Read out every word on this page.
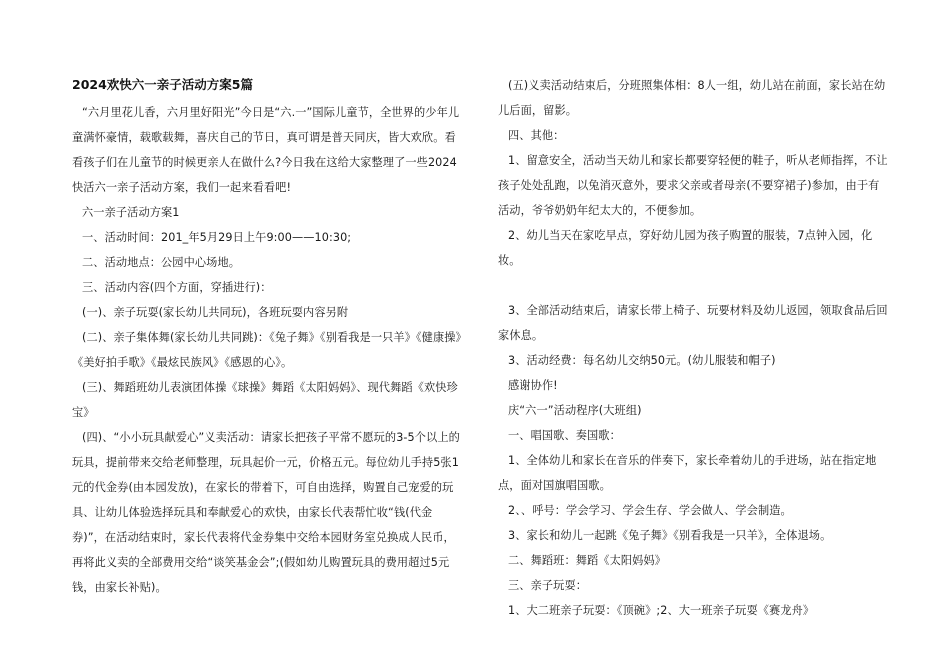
2024欢快六一亲子活动方案5篇

“六月里花儿香，六月里好阳光”今日是“六.一”国际儿童节，全世界的少年儿童满怀豪情，载歌载舞，喜庆自己的节日，真可谓是普天同庆，皆大欢欣。看看孩子们在儿童节的时候更亲人在做什么?今日我在这给大家整理了一些2024快活六一亲子活动方案，我们一起来看看吧!

六一亲子活动方案1

一、活动时间：201_年5月29日上午9:00——10:30;

二、活动地点：公园中心场地。

三、活动内容(四个方面，穿插进行)：

(一)、亲子玩耍(家长幼儿共同玩)，各班玩耍内容另附

(二)、亲子集体舞(家长幼儿共同跳)：《兔子舞》《别看我是一只羊》《健康操》《美好拍手歌》《最炫民族风》《感恩的心》。

(三)、舞蹈班幼儿表演团体操《球操》舞蹈《太阳妈妈》、现代舞蹈《欢快珍宝》

(四)、“小小玩具献爱心”义卖活动：请家长把孩子平常不愿玩的3-5个以上的玩具，提前带来交给老师整理，玩具起价一元，价格五元。每位幼儿手持5张1元的代金券(由本园发放)，在家长的带着下，可自由选择，购置自己宠爱的玩具、让幼儿体验选择玩具和奉献爱心的欢快，由家长代表帮忙收“钱(代金券)”，在活动结束时，家长代表将代金券集中交给本园财务室兑换成人民币，再将此义卖的全部费用交给“谈笑基金会”;(假如幼儿购置玩具的费用超过5元钱，由家长补贴)。

(五)义卖活动结束后，分班照集体相：8人一组，幼儿站在前面，家长站在幼儿后面，留影。

四、其他：

1、留意安全，活动当天幼儿和家长都要穿轻便的鞋子，听从老师指挥，不让孩子处处乱跑，以兔消灭意外，要求父亲或者母亲(不要穿裙子)参加，由于有活动，爷爷奶奶年纪太大的，不便参加。

2、幼儿当天在家吃早点，穿好幼儿园为孩子购置的服装，7点钟入园，化妆。

3、全部活动结束后，请家长带上椅子、玩要材料及幼儿返园，领取食品后回家休息。

3、活动经费：每名幼儿交纳50元。(幼儿服装和帽子)

感谢协作!

庆“六一”活动程序(大班组)

一、唱国歌、奏国歌：

1、全体幼儿和家长在音乐的伴奏下，家长牵着幼儿的手进场，站在指定地点，面对国旗唱国歌。

2、、呼号：学会学习、学会生存、学会做人、学会制造。

3、家长和幼儿一起跳《兔子舞》《别看我是一只羊》，全体退场。

二、舞蹈班：舞蹈《太阳妈妈》

三、亲子玩耍：

1、大二班亲子玩耍：《顶碗》;2、大一班亲子玩耍《赛龙舟》
